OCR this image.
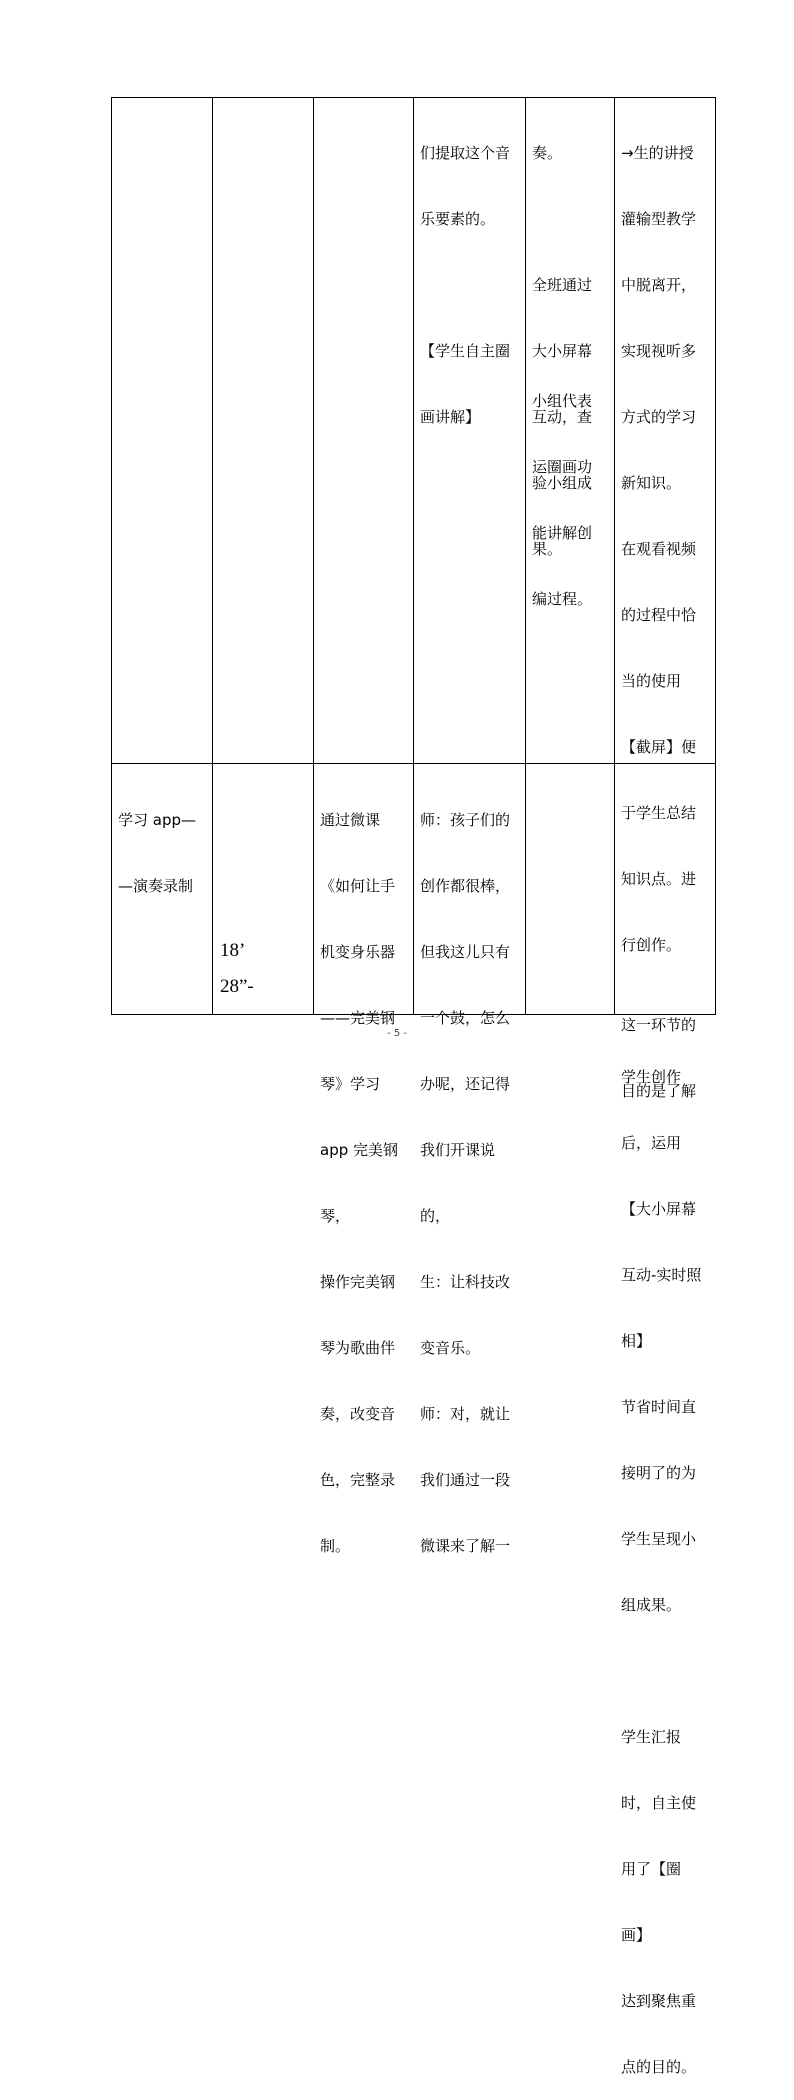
们提取这个音

乐要素的。

【学生自主圈

画讲解】

奏。

全班通过

大小屏幕

互动，查

验小组成

果。

小组代表

运圈画功

能讲解创

编过程。

→生的讲授

灌输型教学

中脱离开，

实现视听多

方式的学习

新知识。

在观看视频

的过程中恰

当的使用

【截屏】便

于学生总结

知识点。进

行创作。

学生创作

后，运用

【大小屏幕

互动-实时照

相】

节省时间直

接明了的为

学生呈现小

组成果。

学生汇报

时，自主使

用了【圈

画】

达到聚焦重

点的目的。

学习 app—

—演奏录制

18’
28”-

通过微课

《如何让手

机变身乐器

——完美钢

琴》学习

app 完美钢

琴，

操作完美钢

琴为歌曲伴

奏，改变音

色，完整录

制。

师：孩子们的

创作都很棒，

但我这儿只有

一个鼓，怎么

办呢，还记得

我们开课说

的，

生：让科技改

变音乐。

师：对，就让

我们通过一段

微课来了解一

这一环节的

目的是了解

- 5 -
